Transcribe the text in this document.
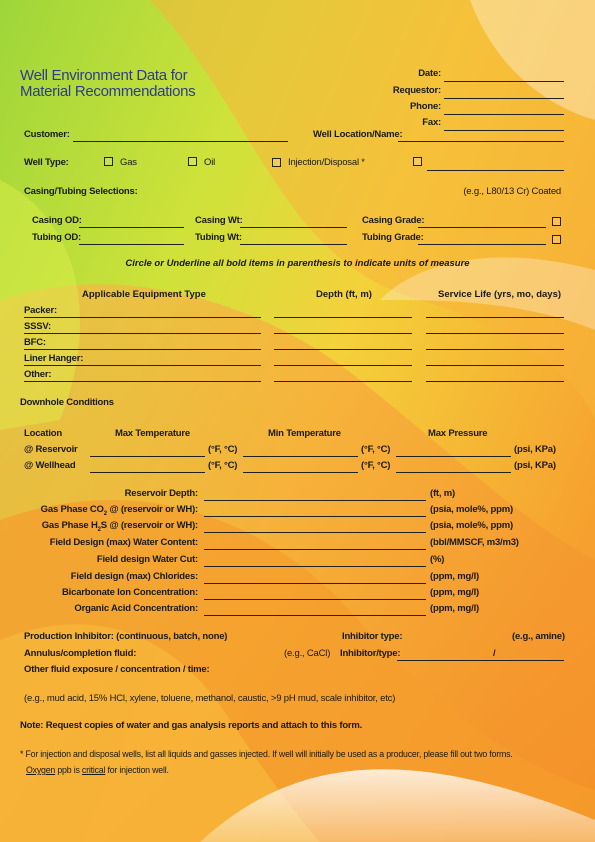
Well Environment Data for
Material Recommendations
Date:
Requestor:
Phone:
Fax:
Customer:	Well Location/Name:
Well Type:	Gas	Oil	Injection/Disposal *
Casing/Tubing Selections:	(e.g., L80/13 Cr) Coated
Casing OD:	Casing Wt:	Casing Grade:
Tubing OD:	Tubing Wt:	Tubing Grade:
Circle or Underline all bold items in parenthesis to indicate units of measure
Applicable Equipment Type	Depth (ft, m)	Service Life (yrs, mo, days)
Packer:
SSSV:
BFC:
Liner Hanger:
Other:
Downhole Conditions
Location	Max Temperature	Min Temperature	Max Pressure
@ Reservoir	(°F, °C)	(°F, °C)	(psi, KPa)
@ Wellhead	(°F, °C)	(°F, °C)	(psi, KPa)
Reservoir Depth:	(ft, m)
Gas Phase $CO_2$ @ (reservoir or WH):	(psia, mole%, ppm)
Gas Phase $H_2S$ @ (reservoir or WH):	(psia, mole%, ppm)
Field Design (max) Water Content:	(bbl/MMSCF, m3/m3)
Field design Water Cut:	(%)
Field design (max) Chlorides:	(ppm, mg/l)
Bicarbonate Ion Concentration:	(ppm, mg/l)
Organic Acid Concentration:	(ppm, mg/l)
Production Inhibitor: (continuous, batch, none)	Inhibitor type:	(e.g., amine)
Annulus/completion fluid:	(e.g., CaCl) Inhibitor/type:	/
Other fluid exposure / concentration / time:
(e.g., mud acid, 15% HCl, xylene, toluene, methanol, caustic, >9 pH mud, scale inhibitor, etc)
Note: Request copies of water and gas analysis reports and attach to this form.
* For injection and disposal wells, list all liquids and gasses injected. If well will initially be used as a producer, please fill out two forms.
Oxygen ppb is critical for injection well.
